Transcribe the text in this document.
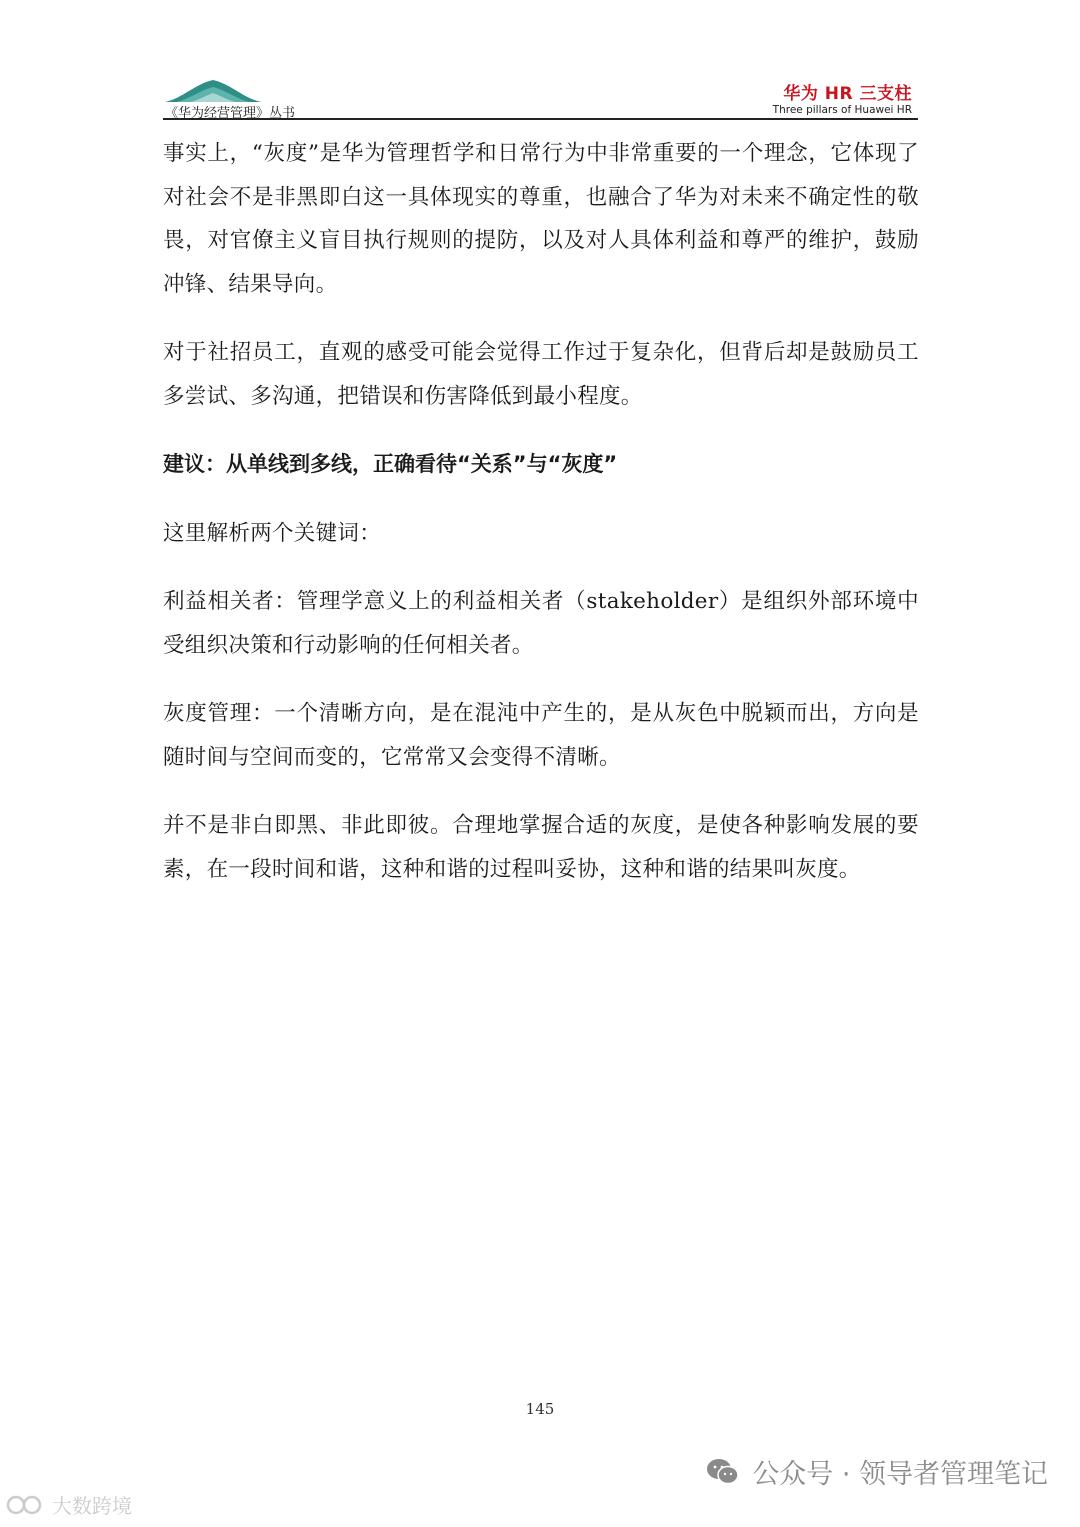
《华为经营管理》丛书
华为 HR 三支柱
Three pillars of Huawei HR

事实上，“灰度”是华为管理哲学和日常行为中非常重要的一个理念，它体现了对社会不是非黑即白这一具体现实的尊重，也融合了华为对未来不确定性的敬畏，对官僚主义盲目执行规则的提防，以及对人具体利益和尊严的维护，鼓励冲锋、结果导向。

对于社招员工，直观的感受可能会觉得工作过于复杂化，但背后却是鼓励员工多尝试、多沟通，把错误和伤害降低到最小程度。

建议：从单线到多线，正确看待“关系”与“灰度”

这里解析两个关键词：

利益相关者：管理学意义上的利益相关者（stakeholder）是组织外部环境中受组织决策和行动影响的任何相关者。

灰度管理：一个清晰方向，是在混沌中产生的，是从灰色中脱颖而出，方向是随时间与空间而变的，它常常又会变得不清晰。

并不是非白即黑、非此即彼。合理地掌握合适的灰度，是使各种影响发展的要素，在一段时间和谐，这种和谐的过程叫妥协，这种和谐的结果叫灰度。

145
大数跨境
公众号 · 领导者管理笔记
